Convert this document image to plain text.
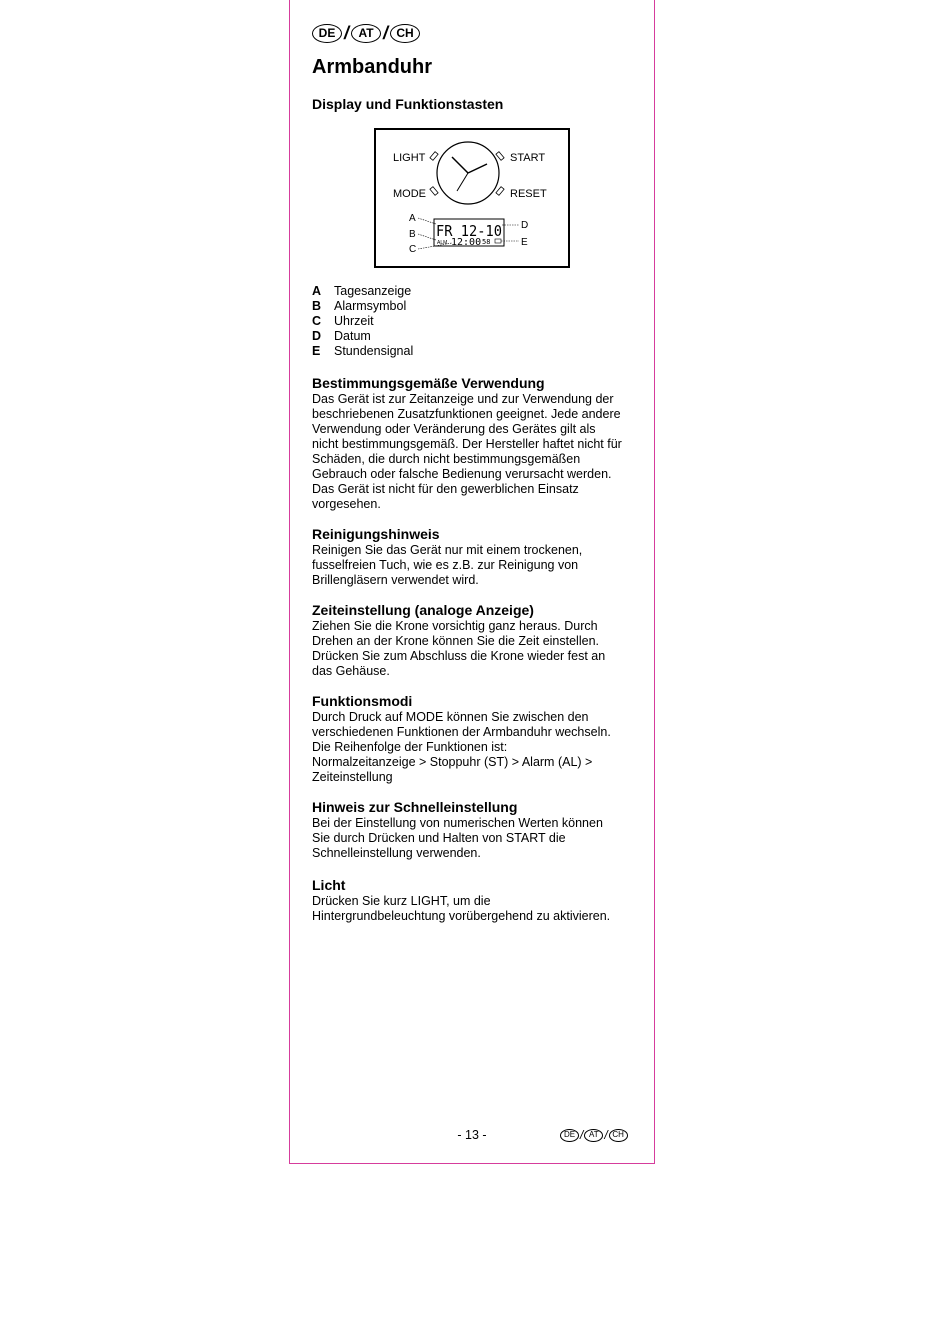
DE / AT / CH
Armbanduhr
Display und Funktionstasten
LIGHT	START
MODE	RESET
FR 12-10
ALM 12:00 58
A
B
C
D
E
A	Tagesanzeige
B	Alarmsymbol
C	Uhrzeit
D	Datum
E	Stundensignal
Bestimmungsgemäße Verwendung

Das Gerät ist zur Zeitanzeige und zur Verwendung der

beschriebenen Zusatzfunktionen geeignet. Jede andere

Verwendung oder Veränderung des Gerätes gilt als

nicht bestimmungsgemäß. Der Hersteller haftet nicht für

Schäden, die durch nicht bestimmungsgemäßen

Gebrauch oder falsche Bedienung verursacht werden.

Das Gerät ist nicht für den gewerblichen Einsatz

vorgesehen.

Reinigungshinweis

Reinigen Sie das Gerät nur mit einem trockenen,

fusselfreien Tuch, wie es z.B. zur Reinigung von

Brillengläsern verwendet wird.

Zeiteinstellung (analoge Anzeige)

Ziehen Sie die Krone vorsichtig ganz heraus. Durch

Drehen an der Krone können Sie die Zeit einstellen.

Drücken Sie zum Abschluss die Krone wieder fest an

das Gehäuse.

Funktionsmodi

Durch Druck auf MODE können Sie zwischen den

verschiedenen Funktionen der Armbanduhr wechseln.

Die Reihenfolge der Funktionen ist:

Normalzeitanzeige > Stoppuhr (ST) > Alarm (AL) >

Zeiteinstellung

Hinweis zur Schnelleinstellung

Bei der Einstellung von numerischen Werten können

Sie durch Drücken und Halten von START die

Schnelleinstellung verwenden.

Licht

Drücken Sie kurz LIGHT, um die

Hintergrundbeleuchtung vorübergehend zu aktivieren.

- 13 -	DE / AT / CH
